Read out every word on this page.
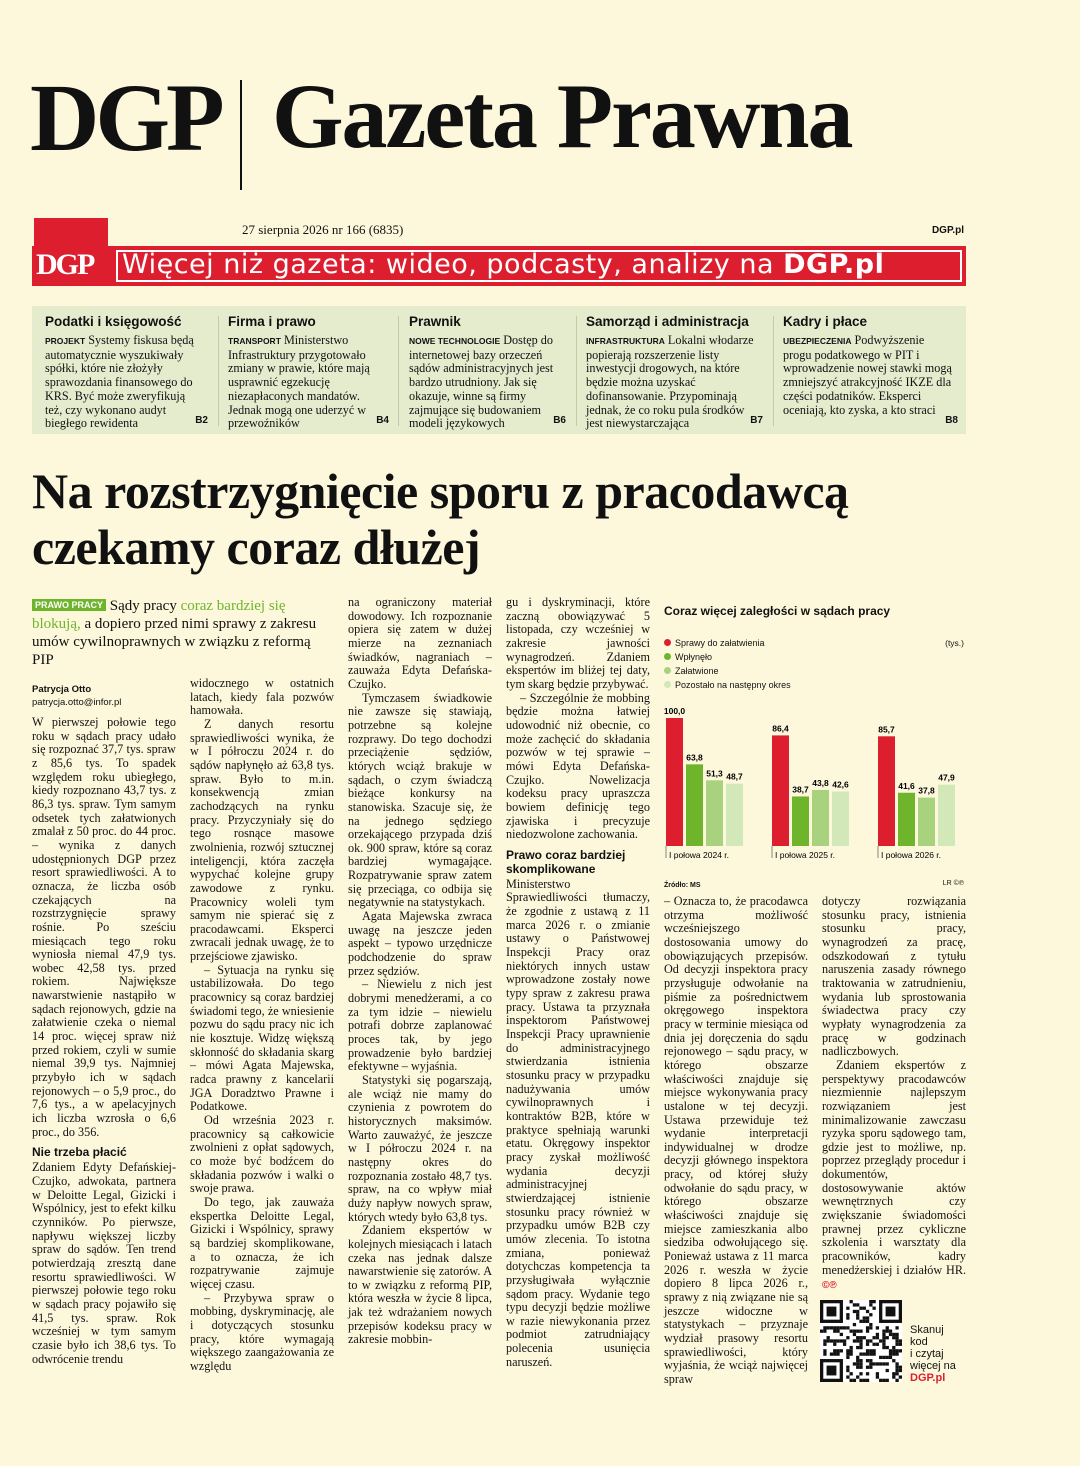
DGP Gazeta Prawna
27 sierpnia 2026 nr 166 (6835)	DGP.pl
DGP	Więcej niż gazeta: wideo, podcasty, analizy na DGP.pl
Podatki i księgowość
PROJEKT Systemy fiskusa będą automatycznie wyszukiwały spółki, które nie złożyły sprawozdania finansowego do KRS. Być może zweryfikują też, czy wykonano audyt biegłego rewidenta	B2
Firma i prawo
TRANSPORT Ministerstwo Infrastruktury przygotowało zmiany w prawie, które mają usprawnić egzekucję niezapłaconych mandatów. Jednak mogą one uderzyć w przewoźników	B4
Prawnik
NOWE TECHNOLOGIE Dostęp do internetowej bazy orzeczeń sądów administracyjnych jest bardzo utrudniony. Jak się okazuje, winne są firmy zajmujące się budowaniem modeli językowych	B6
Samorząd i administracja
INFRASTRUKTURA Lokalni włodarze popierają rozszerzenie listy inwestycji drogowych, na które będzie można uzyskać dofinansowanie. Przypominają jednak, że co roku pula środków jest niewystarczająca	B7
Kadry i płace
UBEZPIECZENIA Podwyższenie progu podatkowego w PIT i wprowadzenie nowej stawki mogą zmniejszyć atrakcyjność IKZE dla części podatników. Eksperci oceniają, kto zyska, a kto straci
B8
Na rozstrzygnięcie sporu z pracodawcą czekamy coraz dłużej
PRAWO PRACY Sądy pracy coraz bardziej się blokują, a dopiero przed nimi sprawy z zakresu umów cywilnoprawnych w związku z reformą PIP
Patrycja Otto
patrycja.otto@infor.pl

W pierwszej połowie tego roku w sądach pracy udało się rozpoznać 37,7 tys. spraw z 85,6 tys. To spadek względem roku ubiegłego, kiedy rozpoznano 43,7 tys. z 86,3 tys. spraw. Tym samym odsetek tych załatwionych zmalał z 50 proc. do 44 proc. – wynika z danych udostępnionych DGP przez resort sprawiedliwości. A to oznacza, że liczba osób czekających na rozstrzygnięcie sprawy rośnie. Po sześciu miesiącach tego roku wyniosła niemal 47,9 tys. wobec 42,58 tys. przed rokiem. Największe nawarstwienie nastąpiło w sądach rejonowych, gdzie na załatwienie czeka o niemal 14 proc. więcej spraw niż przed rokiem, czyli w sumie niemal 39,9 tys. Najmniej przybyło ich w sądach rejonowych – o 5,9 proc., do 7,6 tys., a w apelacyjnych ich liczba wzrosła o 6,6 proc., do 356.

Nie trzeba płacić

Zdaniem Edyty Defańskiej-Czujko, adwokata, partnera w Deloitte Legal, Gizicki i Wspólnicy, jest to efekt kilku czynników. Po pierwsze, napływu większej liczby spraw do sądów. Ten trend potwierdzają zresztą dane resortu sprawiedliwości. W pierwszej połowie tego roku w sądach pracy pojawiło się 41,5 tys. spraw. Rok wcześniej w tym samym czasie było ich 38,6 tys. To odwrócenie trendu

widocznego w ostatnich latach, kiedy fala pozwów hamowała.

Z danych resortu sprawiedliwości wynika, że w I półroczu 2024 r. do sądów napłynęło aż 63,8 tys. spraw. Było to m.in. konsekwencją zmian zachodzących na rynku pracy. Przyczyniały się do tego rosnące masowe zwolnienia, rozwój sztucznej inteligencji, która zaczęła wypychać kolejne grupy zawodowe z rynku. Pracownicy woleli tym samym nie spierać się z pracodawcami. Eksperci zwracali jednak uwagę, że to przejściowe zjawisko.

– Sytuacja na rynku się ustabilizowała. Do tego pracownicy są coraz bardziej świadomi tego, że wniesienie pozwu do sądu pracy nic ich nie kosztuje. Widzę większą skłonność do składania skarg – mówi Agata Majewska, radca prawny z kancelarii JGA Doradztwo Prawne i Podatkowe.

Od września 2023 r. pracownicy są całkowicie zwolnieni z opłat sądowych, co może być bodźcem do składania pozwów i walki o swoje prawa.

Do tego, jak zauważa ekspertka Deloitte Legal, Gizicki i Wspólnicy, sprawy są bardziej skomplikowane, a to oznacza, że ich rozpatrywanie zajmuje więcej czasu.

– Przybywa spraw o mobbing, dyskryminację, ale i dotyczących stosunku pracy, które wymagają większego zaangażowania ze względu

na ograniczony materiał dowodowy. Ich rozpoznanie opiera się zatem w dużej mierze na zeznaniach świadków, nagraniach – zauważa Edyta Defańska-Czujko.

Tymczasem świadkowie nie zawsze się stawiają, potrzebne są kolejne rozprawy. Do tego dochodzi przeciążenie sędziów, których wciąż brakuje w sądach, o czym świadczą bieżące konkursy na stanowiska. Szacuje się, że na jednego sędziego orzekającego przypada dziś ok. 900 spraw, które są coraz bardziej wymagające. Rozpatrywanie spraw zatem się przeciąga, co odbija się negatywnie na statystykach.

Agata Majewska zwraca uwagę na jeszcze jeden aspekt – typowo urzędnicze podchodzenie do spraw przez sędziów.

– Niewielu z nich jest dobrymi menedżerami, a co za tym idzie – niewielu potrafi dobrze zaplanować proces tak, by jego prowadzenie było bardziej efektywne – wyjaśnia.

Statystyki się pogarszają, ale wciąż nie mamy do czynienia z powrotem do historycznych maksimów. Warto zauważyć, że jeszcze w I półroczu 2024 r. na następny okres do rozpoznania zostało 48,7 tys. spraw, na co wpływ miał duży napływ nowych spraw, których wtedy było 63,8 tys.

Zdaniem ekspertów w kolejnych miesiącach i latach czeka nas jednak dalsze nawarstwienie się zatorów. A to w związku z reformą PIP, która weszła w życie 8 lipca, jak też wdrażaniem nowych przepisów kodeksu pracy w zakresie mobbin-

gu i dyskryminacji, które zaczną obowiązywać 5 listopada, czy wcześniej w zakresie jawności wynagrodzeń. Zdaniem ekspertów im bliżej tej daty, tym skarg będzie przybywać.

– Szczególnie że mobbing będzie można łatwiej udowodnić niż obecnie, co może zachęcić do składania pozwów w tej sprawie – mówi Edyta Defańska-Czujko. Nowelizacja kodeksu pracy upraszcza bowiem definicję tego zjawiska i precyzuje niedozwolone zachowania.

Prawo coraz bardziej skomplikowane

Ministerstwo Sprawiedliwości tłumaczy, że zgodnie z ustawą z 11 marca 2026 r. o zmianie ustawy o Państwowej Inspekcji Pracy oraz niektórych innych ustaw wprowadzone zostały nowe typy spraw z zakresu prawa pracy. Ustawa ta przyznała inspektorom Państwowej Inspekcji Pracy uprawnienie do administracyjnego stwierdzania istnienia stosunku pracy w przypadku nadużywania umów cywilnoprawnych i kontraktów B2B, które w praktyce spełniają warunki etatu. Okręgowy inspektor pracy zyskał możliwość wydania decyzji administracyjnej stwierdzającej istnienie stosunku pracy również w przypadku umów B2B czy umów zlecenia. To istotna zmiana, ponieważ dotychczas kompetencja ta przysługiwała wyłącznie sądom pracy. Wydanie tego typu decyzji będzie możliwe w razie niewykonania przez podmiot zatrudniający polecenia usunięcia naruszeń.

– Oznacza to, że pracodawca otrzyma możliwość wcześniejszego dostosowania umowy do obowiązujących przepisów. Od decyzji inspektora pracy przysługuje odwołanie na piśmie za pośrednictwem okręgowego inspektora pracy w terminie miesiąca od dnia jej doręczenia do sądu rejonowego – sądu pracy, w którego obszarze właściwości znajduje się miejsce wykonywania pracy ustalone w tej decyzji. Ustawa przewiduje też wydanie interpretacji indywidualnej w drodze decyzji głównego inspektora pracy, od której służy odwołanie do sądu pracy, w którego obszarze właściwości znajduje się miejsce zamieszkania albo siedziba odwołującego się. Ponieważ ustawa z 11 marca 2026 r. weszła w życie dopiero 8 lipca 2026 r., sprawy z nią związane nie są jeszcze widoczne w statystykach – przyznaje wydział prasowy resortu sprawiedliwości, który wyjaśnia, że wciąż najwięcej spraw

dotyczy rozwiązania stosunku pracy, istnienia stosunku pracy, wynagrodzeń za pracę, odszkodowań z tytułu naruszenia zasady równego traktowania w zatrudnieniu, wydania lub sprostowania świadectwa pracy czy wypłaty wynagrodzenia za pracę w godzinach nadliczbowych.

Zdaniem ekspertów z perspektywy pracodawców niezmiennie najlepszym rozwiązaniem jest minimalizowanie zawczasu ryzyka sporu sądowego tam, gdzie jest to możliwe, np. poprzez przeglądy procedur i dokumentów, dostosowywanie aktów wewnętrznych czy zwiększanie świadomości prawnej przez cykliczne szkolenia i warsztaty dla pracowników, kadry menedżerskiej i działów HR. ©℗

Coraz więcej zaległości w sądach pracy
Sprawy do załatwienia
Wpłynęło
Załatwione
Pozostało na następny okres
(tys.)
100,0
63,8
51,3 48,7
I połowa 2024 r.
86,4
38,7
43,8 42,6
I połowa 2025 r.
85,7
41,6 37,8
47,9
I połowa 2026 r.
Źródło: MS	LR ©℗
Skanuj
kod
i czytaj
więcej na
DGP.pl
